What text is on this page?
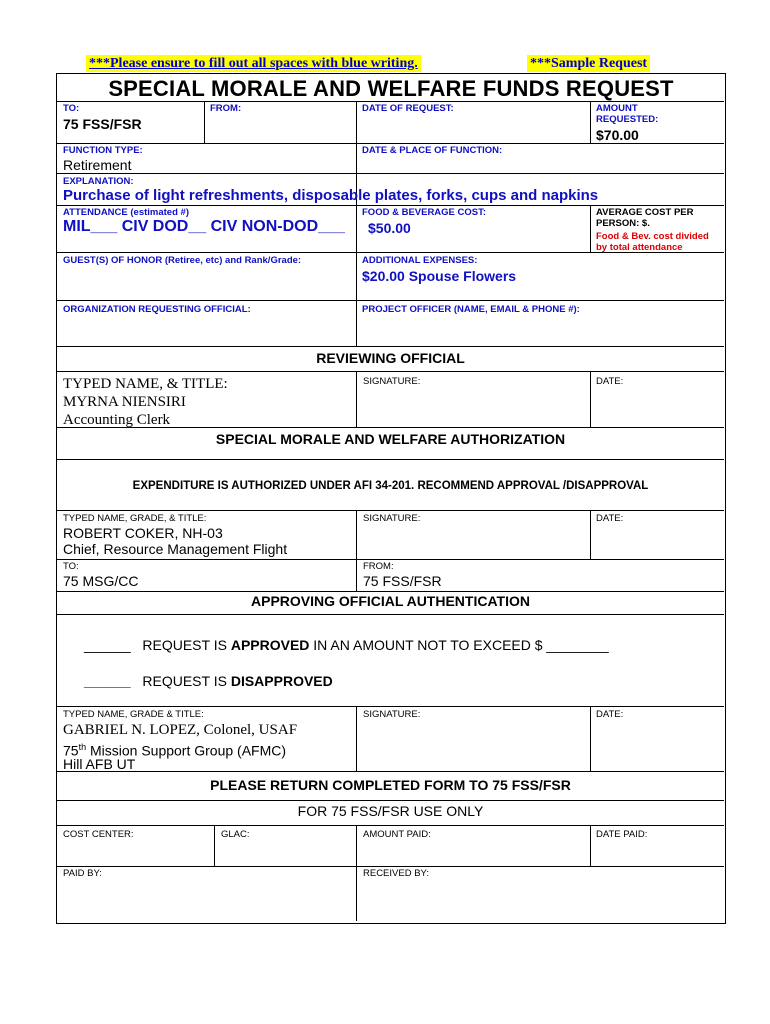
***Please ensure to fill out all spaces with blue writing.	***Sample Request
SPECIAL MORALE AND WELFARE FUNDS REQUEST
TO:
75 FSS/FSR
FROM:	DATE OF REQUEST:	AMOUNT
REQUESTED:
$70.00
FUNCTION TYPE:
Retirement
DATE & PLACE OF FUNCTION:
EXPLANATION:
Purchase of light refreshments, disposable plates, forks, cups and napkins
ATTENDANCE (estimated #)
MIL___ CIV DOD__ CIV NON-DOD___
FOOD & BEVERAGE COST:
$50.00
AVERAGE COST PER
PERSON: $.
Food & Bev. cost divided
by total attendance
GUEST(S) OF HONOR (Retiree, etc) and Rank/Grade:	ADDITIONAL EXPENSES:
$20.00 Spouse Flowers
ORGANIZATION REQUESTING OFFICIAL:	PROJECT OFFICER (NAME, EMAIL & PHONE #):
REVIEWING OFFICIAL
TYPED NAME, & TITLE:
MYRNA NIENSIRI
Accounting Clerk
SIGNATURE:	DATE:
SPECIAL MORALE AND WELFARE AUTHORIZATION
EXPENDITURE IS AUTHORIZED UNDER AFI 34-201. RECOMMEND APPROVAL /DISAPPROVAL
TYPED NAME, GRADE, & TITLE:
ROBERT COKER, NH-03
Chief, Resource Management Flight
SIGNATURE:	DATE:
TO:
75 MSG/CC
FROM:
75 FSS/FSR
APPROVING OFFICIAL AUTHENTICATION
______ REQUEST IS APPROVED IN AN AMOUNT NOT TO EXCEED $ ________
______ REQUEST IS DISAPPROVED
TYPED NAME, GRADE & TITLE:
GABRIEL N. LOPEZ, Colonel, USAF
75th Mission Support Group (AFMC)
Hill AFB UT
SIGNATURE:	DATE:
PLEASE RETURN COMPLETED FORM TO 75 FSS/FSR
FOR 75 FSS/FSR USE ONLY
COST CENTER:	GLAC:	AMOUNT PAID:	DATE PAID:
PAID BY:	RECEIVED BY:
